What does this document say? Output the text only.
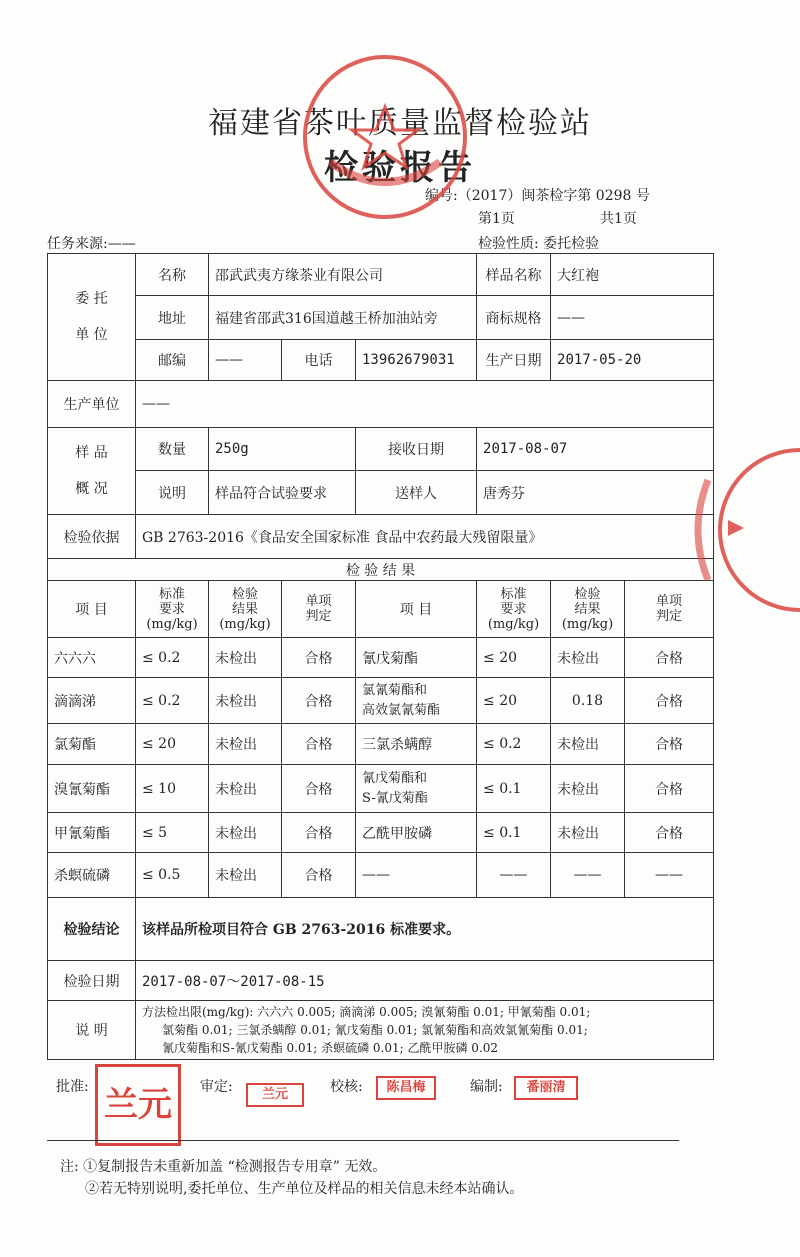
福建省茶叶质量监督检验站
检验报告
编号:（2017）闽茶检字第 0298 号
第1页	共1页
任务来源:——	检验性质: 委托检验
委 托
单 位	名称	邵武武夷方缘茶业有限公司			样品名称	大红袍	
	地址	福建省邵武316国道越王桥加油站旁			商标规格	——	
	邮编	——	电话	13962679031	生产日期	2017-05-20	
生产单位	——						
样 品
概 况	数量	250g		接收日期	2017-08-07		
	说明	样品符合试验要求		送样人	唐秀芬		
检验依据	GB 2763-2016《食品安全国家标准 食品中农药最大残留限量》						
检 验 结 果							
项 目	标准
要求
(mg/kg)	检验
结果
(mg/kg)	单项
判定	项 目	标准
要求
(mg/kg)	检验
结果
(mg/kg)	单项
判定
六六六	≤ 0.2	未检出	合格	氰戊菊酯	≤ 20	未检出	合格
滴滴涕	≤ 0.2	未检出	合格	氯氰菊酯和
高效氯氰菊酯	≤ 20	0.18	合格
氯菊酯	≤ 20	未检出	合格	三氯杀螨醇	≤ 0.2	未检出	合格
溴氰菊酯	≤ 10	未检出	合格	氰戊菊酯和
S-氰戊菊酯	≤ 0.1	未检出	合格
甲氰菊酯	≤ 5	未检出	合格	乙酰甲胺磷	≤ 0.1	未检出	合格
杀螟硫磷	≤ 0.5	未检出	合格	——	——	——	——
检验结论	该样品所检项目符合 GB 2763-2016 标准要求。						
检验日期	2017-08-07～2017-08-15						
说 明	方法检出限(mg/kg): 六六六 0.005; 滴滴涕 0.005; 溴氰菊酯 0.01; 甲氰菊酯 0.01;
氯菊酯 0.01; 三氯杀螨醇 0.01; 氰戊菊酯 0.01; 氯氰菊酯和高效氯氰菊酯 0.01;
氰戊菊酯和S-氰戊菊酯 0.01; 杀螟硫磷 0.01; 乙酰甲胺磷 0.02						
批准: 兰元	审定:	兰元	校核:	陈昌梅	编制:	番丽清
注: ①复制报告未重新加盖 “检测报告专用章” 无效。
②若无特别说明,委托单位、生产单位及样品的相关信息未经本站确认。
